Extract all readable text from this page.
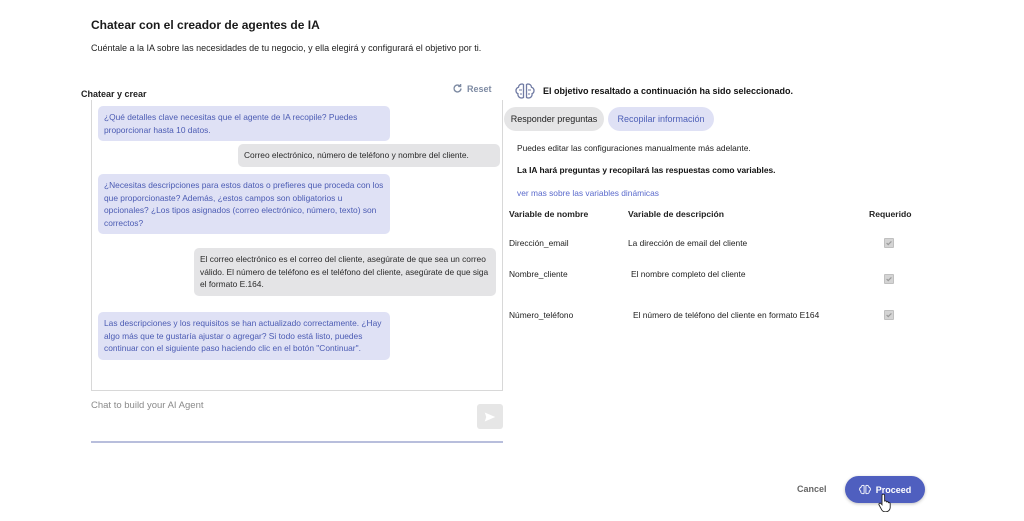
Chatear con el creador de agentes de IA
Cuéntale a la IA sobre las necesidades de tu negocio, y ella elegirá y configurará el objetivo por ti.
Chatear y crear
Reset
¿Qué detalles clave necesitas que el agente de IA recopile? Puedes proporcionar hasta 10 datos.
Correo electrónico, número de teléfono y nombre del cliente.
¿Necesitas descripciones para estos datos o prefieres que proceda con los que proporcionaste? Además, ¿estos campos son obligatorios u opcionales? ¿Los tipos asignados (correo electrónico, número, texto) son correctos?
El correo electrónico es el correo del cliente, asegúrate de que sea un correo válido. El número de teléfono es el teléfono del cliente, asegúrate de que siga el formato E.164.
Las descripciones y los requisitos se han actualizado correctamente. ¿Hay algo más que te gustaría ajustar o agregar? Si todo está listo, puedes continuar con el siguiente paso haciendo clic en el botón "Continuar".
Chat to build your AI Agent
El objetivo resaltado a continuación ha sido seleccionado.
Responder preguntas	Recopilar información
Puedes editar las configuraciones manualmente más adelante.
La IA hará preguntas y recopilará las respuestas como variables.
ver mas sobre las variables dinámicas
Variable de nombre	Variable de descripción	Requerido
Dirección_email	La dirección de email del cliente
Nombre_cliente	El nombre completo del cliente
Número_teléfono	El número de teléfono del cliente en formato E164
Cancel	Proceed
